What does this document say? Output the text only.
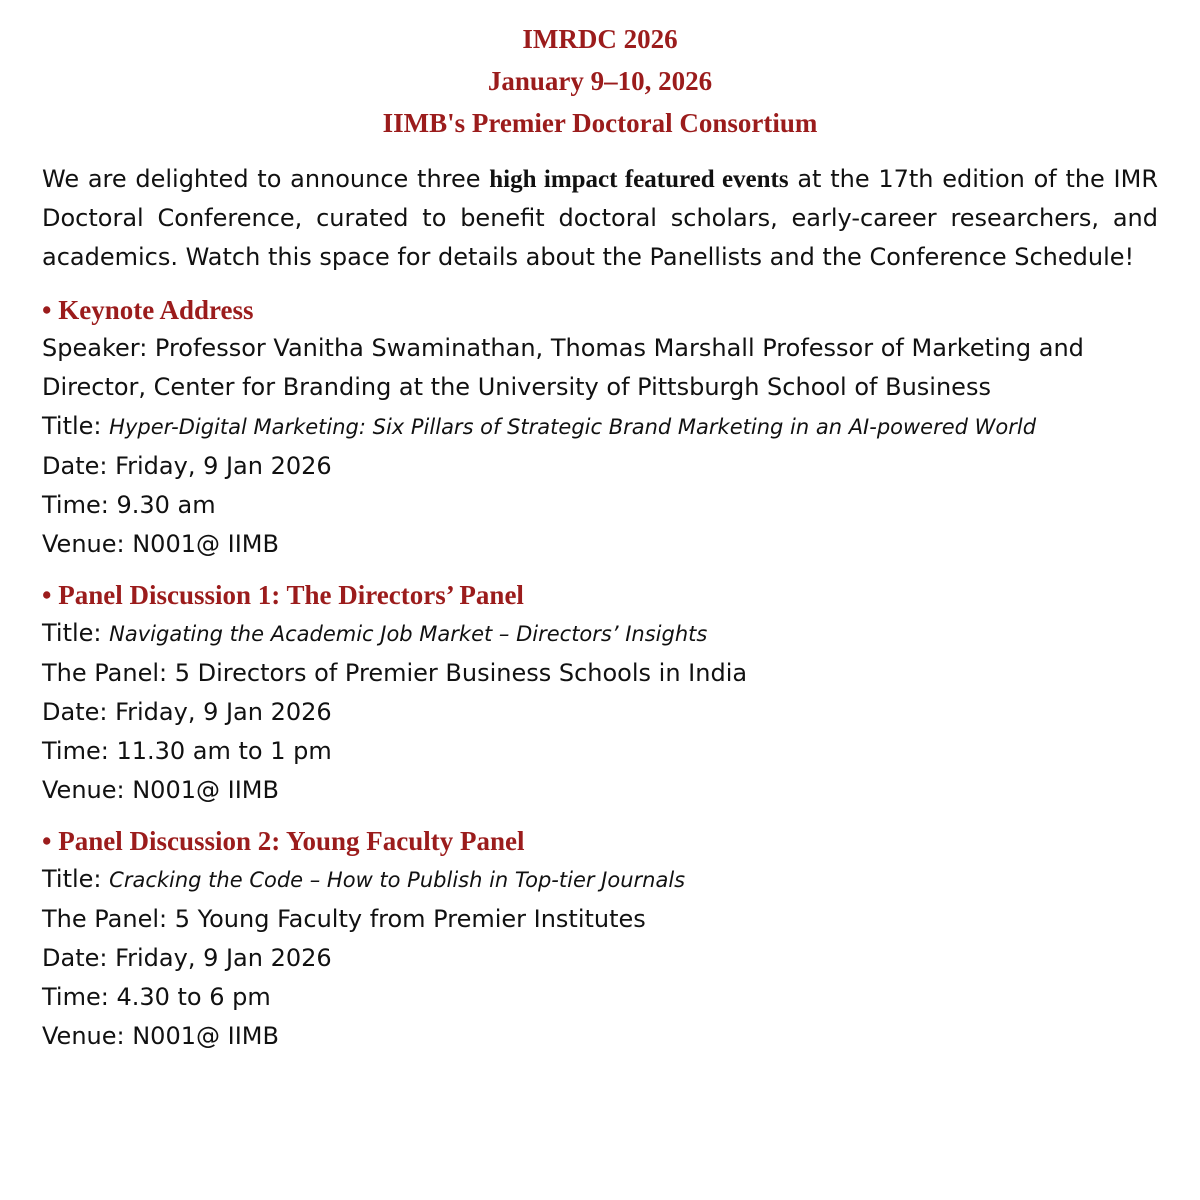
IMRDC 2026
January 9–10, 2026
IIMB's Premier Doctoral Consortium

We are delighted to announce three high impact featured events at the 17th edition of the IMR Doctoral Conference, curated to benefit doctoral scholars, early-career researchers, and academics. Watch this space for details about the Panellists and the Conference Schedule!

• Keynote Address
Speaker: Professor Vanitha Swaminathan, Thomas Marshall Professor of Marketing and Director, Center for Branding at the University of Pittsburgh School of Business
Title: Hyper-Digital Marketing: Six Pillars of Strategic Brand Marketing in an AI-powered World
Date: Friday, 9 Jan 2026
Time: 9.30 am
Venue: N001@ IIMB
• Panel Discussion 1: The Directors’ Panel
Title: Navigating the Academic Job Market – Directors’ Insights
The Panel: 5 Directors of Premier Business Schools in India
Date: Friday, 9 Jan 2026
Time: 11.30 am to 1 pm
Venue: N001@ IIMB
• Panel Discussion 2: Young Faculty Panel
Title: Cracking the Code – How to Publish in Top-tier Journals
The Panel: 5 Young Faculty from Premier Institutes
Date: Friday, 9 Jan 2026
Time: 4.30 to 6 pm
Venue: N001@ IIMB
